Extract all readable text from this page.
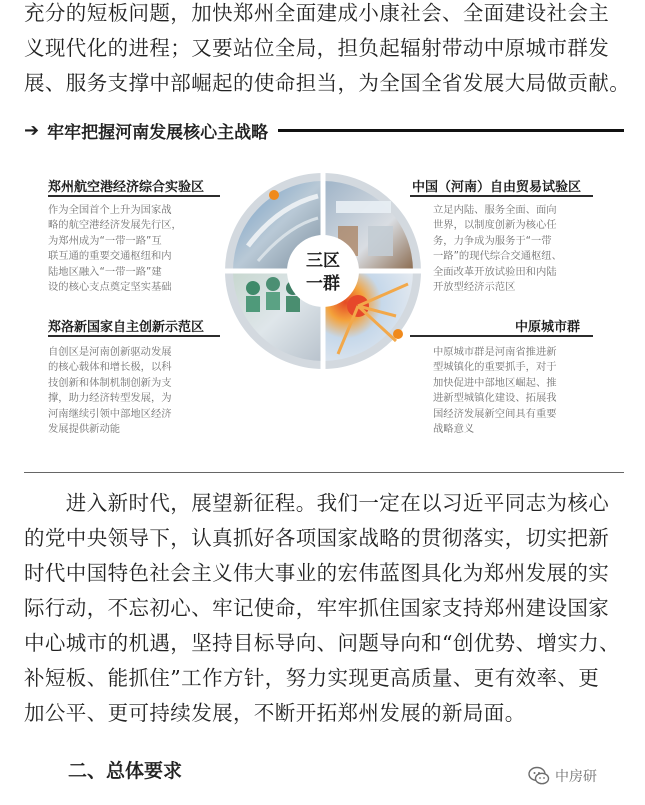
充分的短板问题，加快郑州全面建成小康社会、全面建设社会主
义现代化的进程；又要站位全局，担负起辐射带动中原城市群发
展、服务支撑中部崛起的使命担当，为全国全省发展大局做贡献。
➔ 牢牢把握河南发展核心主战略
郑州航空港经济综合实验区
作为全国首个上升为国家战
略的航空港经济发展先行区，
为郑州成为“一带一路”互
联互通的重要交通枢纽和内
陆地区融入“一带一路”建
设的核心支点奠定坚实基础
中国（河南）自由贸易试验区
立足内陆、服务全面、面向
世界，以制度创新为核心任
务，力争成为服务于“一带
一路”的现代综合交通枢纽、
全面改革开放试验田和内陆
开放型经济示范区
郑洛新国家自主创新示范区
自创区是河南创新驱动发展
的核心载体和增长极，以科
技创新和体制机制创新为支
撑，助力经济转型发展，为
河南继续引领中部地区经济
发展提供新动能
中原城市群
中原城市群是河南省推进新
型城镇化的重要抓手，对于
加快促进中部地区崛起、推
进新型城镇化建设、拓展我
国经济发展新空间具有重要
战略意义
三区
一群
　　进入新时代，展望新征程。我们一定在以习近平同志为核心
的党中央领导下，认真抓好各项国家战略的贯彻落实，切实把新
时代中国特色社会主义伟大事业的宏伟蓝图具化为郑州发展的实
际行动，不忘初心、牢记使命，牢牢抓住国家支持郑州建设国家
中心城市的机遇，坚持目标导向、问题导向和“创优势、增实力、
补短板、能抓住”工作方针，努力实现更高质量、更有效率、更
加公平、更可持续发展，不断开拓郑州发展的新局面。
二、总体要求	中房研
